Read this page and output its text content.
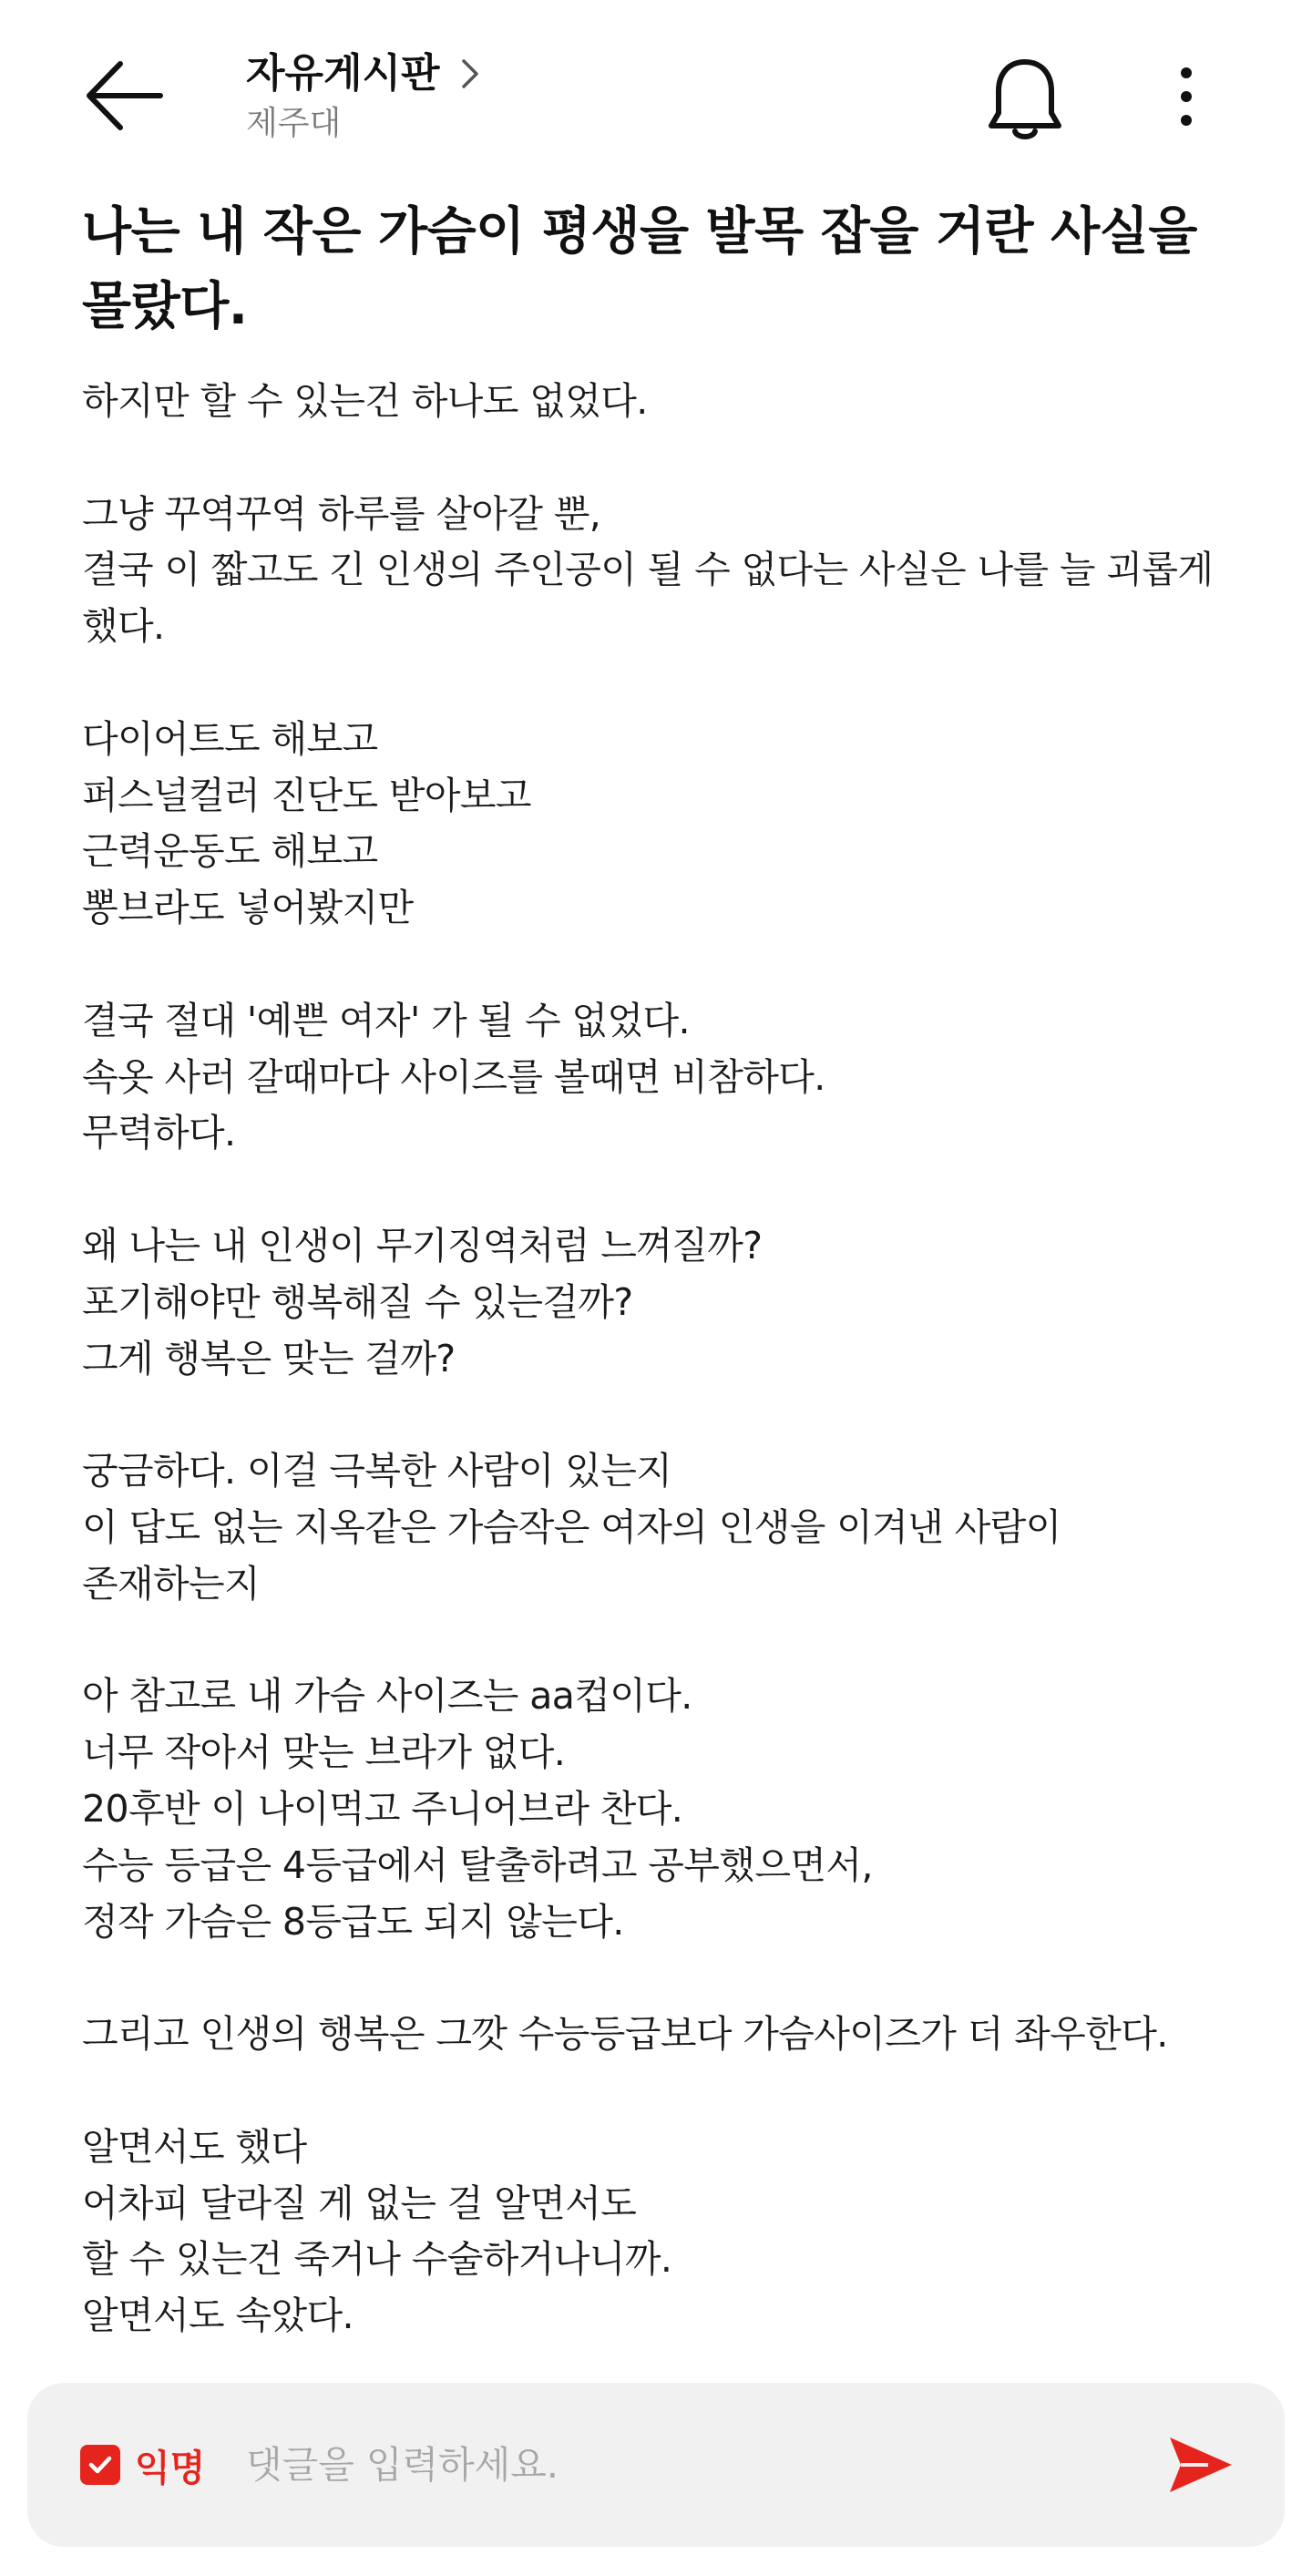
자유게시판
제주대
나는 내 작은 가슴이 평생을 발목 잡을 거란 사실을 몰랐다.
하지만 할 수 있는건 하나도 없었다.

그냥 꾸역꾸역 하루를 살아갈 뿐,
결국 이 짧고도 긴 인생의 주인공이 될 수 없다는 사실은 나를 늘 괴롭게 했다.

다이어트도 해보고
퍼스널컬러 진단도 받아보고
근력운동도 해보고
뽕브라도 넣어봤지만

결국 절대 '예쁜 여자' 가 될 수 없었다.
속옷 사러 갈때마다 사이즈를 볼때면 비참하다.
무력하다.

왜 나는 내 인생이 무기징역처럼 느껴질까?
포기해야만 행복해질 수 있는걸까?
그게 행복은 맞는 걸까?

궁금하다. 이걸 극복한 사람이 있는지
이 답도 없는 지옥같은 가슴작은 여자의 인생을 이겨낸 사람이
존재하는지

아 참고로 내 가슴 사이즈는 aa컵이다.
너무 작아서 맞는 브라가 없다.
20후반 이 나이먹고 주니어브라 찬다.
수능 등급은 4등급에서 탈출하려고 공부했으면서,
정작 가슴은 8등급도 되지 않는다.

그리고 인생의 행복은 그깟 수능등급보다 가슴사이즈가 더 좌우한다.

알면서도 했다
어차피 달라질 게 없는 걸 알면서도
할 수 있는건 죽거나 수술하거나니까.
알면서도 속았다.
익명
댓글을 입력하세요.
